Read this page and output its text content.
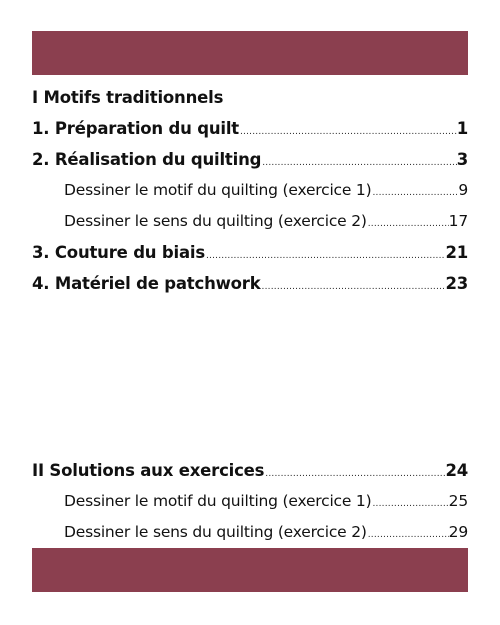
I Motifs traditionnels
1. Préparation du quilt .....	1
2. Réalisation du quilting .....	3
Dessiner le motif du quilting (exercice 1) .....	9
Dessiner le sens du quilting (exercice 2) .....	17
3. Couture du biais .....	21
4. Matériel de patchwork .....	23
II Solutions aux exercices .....	24
Dessiner le motif du quilting (exercice 1) .....	25
Dessiner le sens du quilting (exercice 2) .....	29
